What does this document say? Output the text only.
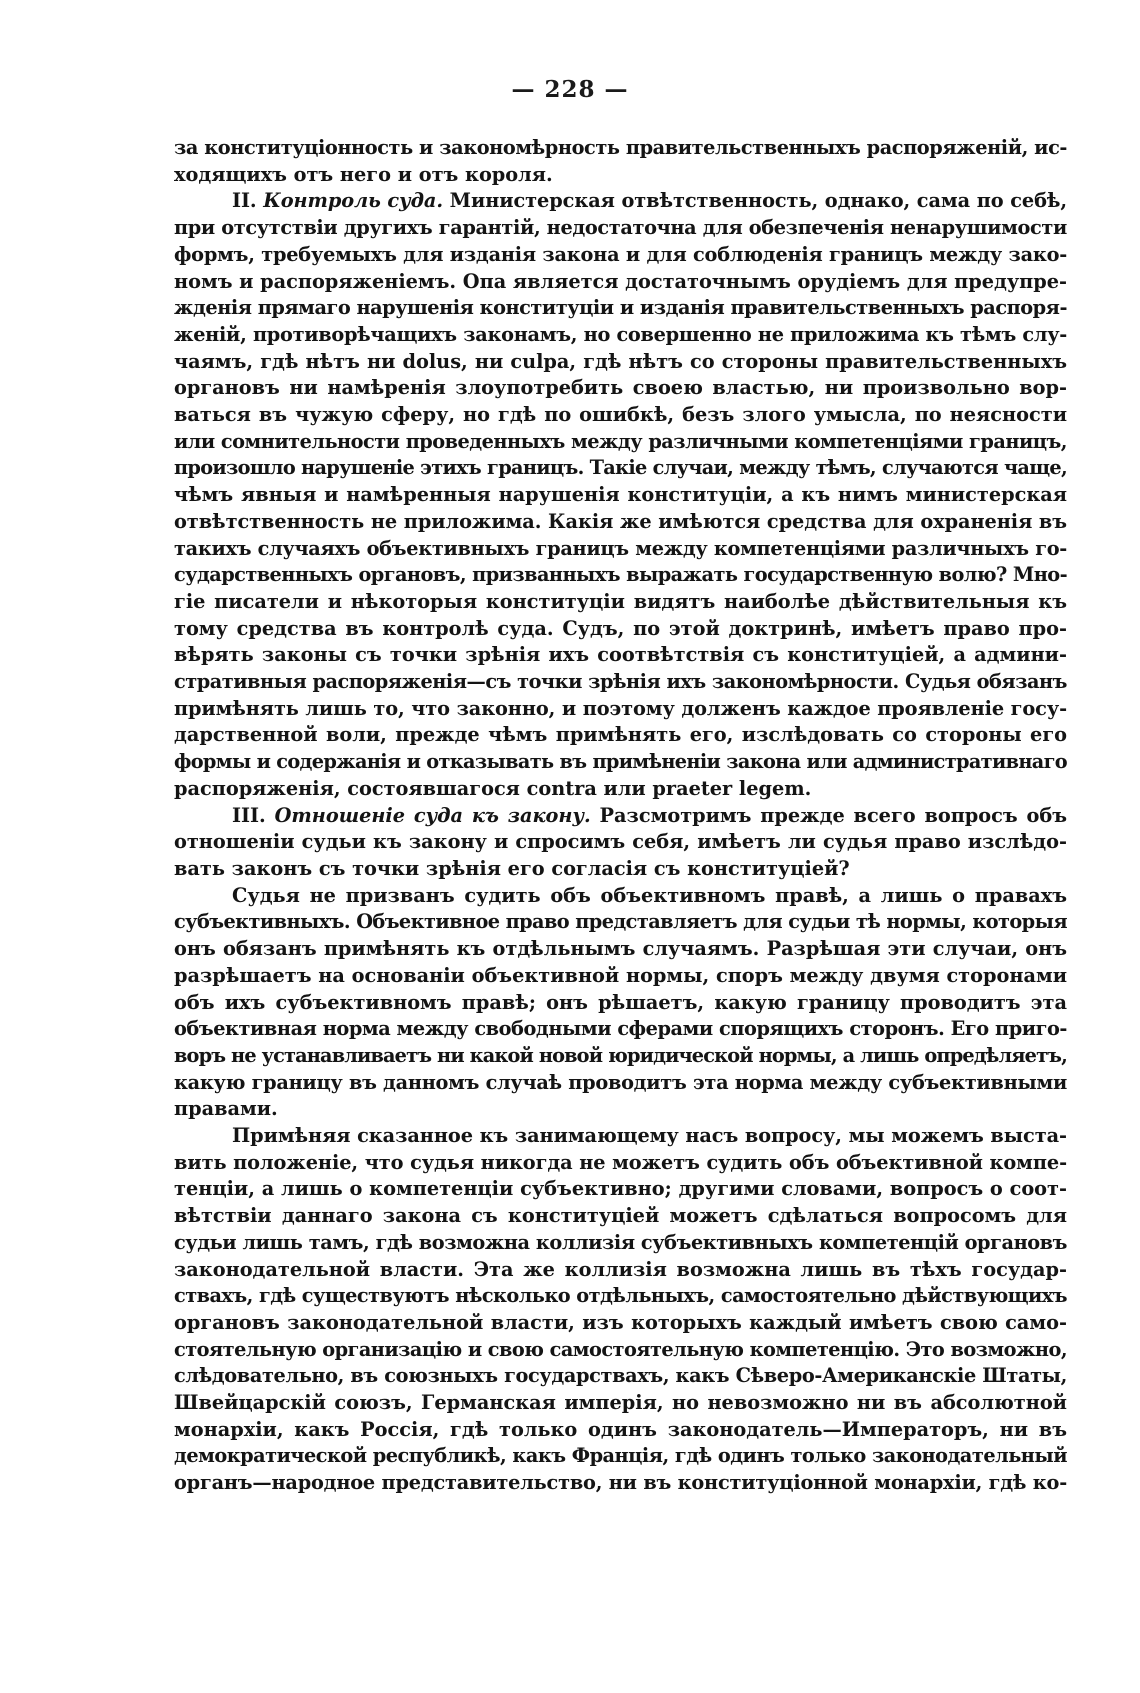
— 228 —
за конституціонность и закономѣрность правительственныхъ распоряженій, ис-
ходящихъ отъ него и отъ короля.
II. Контроль суда. Министерская отвѣтственность, однако, сама по себѣ,
при отсутствіи другихъ гарантій, недостаточна для обезпеченія ненарушимости
формъ, требуемыхъ для изданія закона и для соблюденія границъ между зако-
номъ и распоряженіемъ. Опа является достаточнымъ орудіемъ для предупре-
жденія прямаго нарушенія конституціи и изданія правительственныхъ распоря-
женій, противорѣчащихъ законамъ, но совершенно не приложима къ тѣмъ слу-
чаямъ, гдѣ нѣтъ ни dolus, ни culpa, гдѣ нѣтъ со стороны правительственныхъ
органовъ ни намѣренія злоупотребить своею властью, ни произвольно вор-
ваться въ чужую сферу, но гдѣ по ошибкѣ, безъ злого умысла, по неясности
или сомнительности проведенныхъ между различными компетенціями границъ,
произошло нарушеніе этихъ границъ. Такіе случаи, между тѣмъ, случаются чаще,
чѣмъ явныя и намѣренныя нарушенія конституціи, а къ нимъ министерская
отвѣтственность не приложима. Какія же имѣются средства для охраненія въ
такихъ случаяхъ объективныхъ границъ между компетенціями различныхъ го-
сударственныхъ органовъ, призванныхъ выражать государственную волю? Мно-
гіе писатели и нѣкоторыя конституціи видятъ наиболѣе дѣйствительныя къ
тому средства въ контролѣ суда. Судъ, по этой доктринѣ, имѣетъ право про-
вѣрять законы съ точки зрѣнія ихъ соотвѣтствія съ конституціей, а админи-
стративныя распоряженія—съ точки зрѣнія ихъ закономѣрности. Судья обязанъ
примѣнять лишь то, что законно, и поэтому долженъ каждое проявленіе госу-
дарственной воли, прежде чѣмъ примѣнять его, изслѣдовать со стороны его
формы и содержанія и отказывать въ примѣненіи закона или административнаго
распоряженія, состоявшагося contra или praeter legem.
III. Отношеніе суда къ закону. Разсмотримъ прежде всего вопросъ объ
отношеніи судьи къ закону и спросимъ себя, имѣетъ ли судья право изслѣдо-
вать законъ съ точки зрѣнія его согласія съ конституціей?
Судья не призванъ судить объ объективномъ правѣ, а лишь о правахъ
субъективныхъ. Объективное право представляетъ для судьи тѣ нормы, которыя
онъ обязанъ примѣнять къ отдѣльнымъ случаямъ. Разрѣшая эти случаи, онъ
разрѣшаетъ на основаніи объективной нормы, споръ между двумя сторонами
объ ихъ субъективномъ правѣ; онъ рѣшаетъ, какую границу проводитъ эта
объективная норма между свободными сферами спорящихъ сторонъ. Его приго-
воръ не устанавливаетъ ни какой новой юридической нормы, а лишь опредѣляетъ,
какую границу въ данномъ случаѣ проводитъ эта норма между субъективными
правами.
Примѣняя сказанное къ занимающему насъ вопросу, мы можемъ выста-
вить положеніе, что судья никогда не можетъ судить объ объективной компе-
тенціи, а лишь о компетенціи субъективно; другими словами, вопросъ о соот-
вѣтствіи даннаго закона съ конституціей можетъ сдѣлаться вопросомъ для
судьи лишь тамъ, гдѣ возможна коллизія субъективныхъ компетенцій органовъ
законодательной власти. Эта же коллизія возможна лишь въ тѣхъ государ-
ствахъ, гдѣ существуютъ нѣсколько отдѣльныхъ, самостоятельно дѣйствующихъ
органовъ законодательной власти, изъ которыхъ каждый имѣетъ свою само-
стоятельную организацію и свою самостоятельную компетенцію. Это возможно,
слѣдовательно, въ союзныхъ государствахъ, какъ Сѣверо-Американскіе Штаты,
Швейцарскій союзъ, Германская имперія, но невозможно ни въ абсолютной
монархіи, какъ Россія, гдѣ только одинъ законодатель—Императоръ, ни въ
демократической республикѣ, какъ Франція, гдѣ одинъ только законодательный
органъ—народное представительство, ни въ конституціонной монархіи, гдѣ ко-
